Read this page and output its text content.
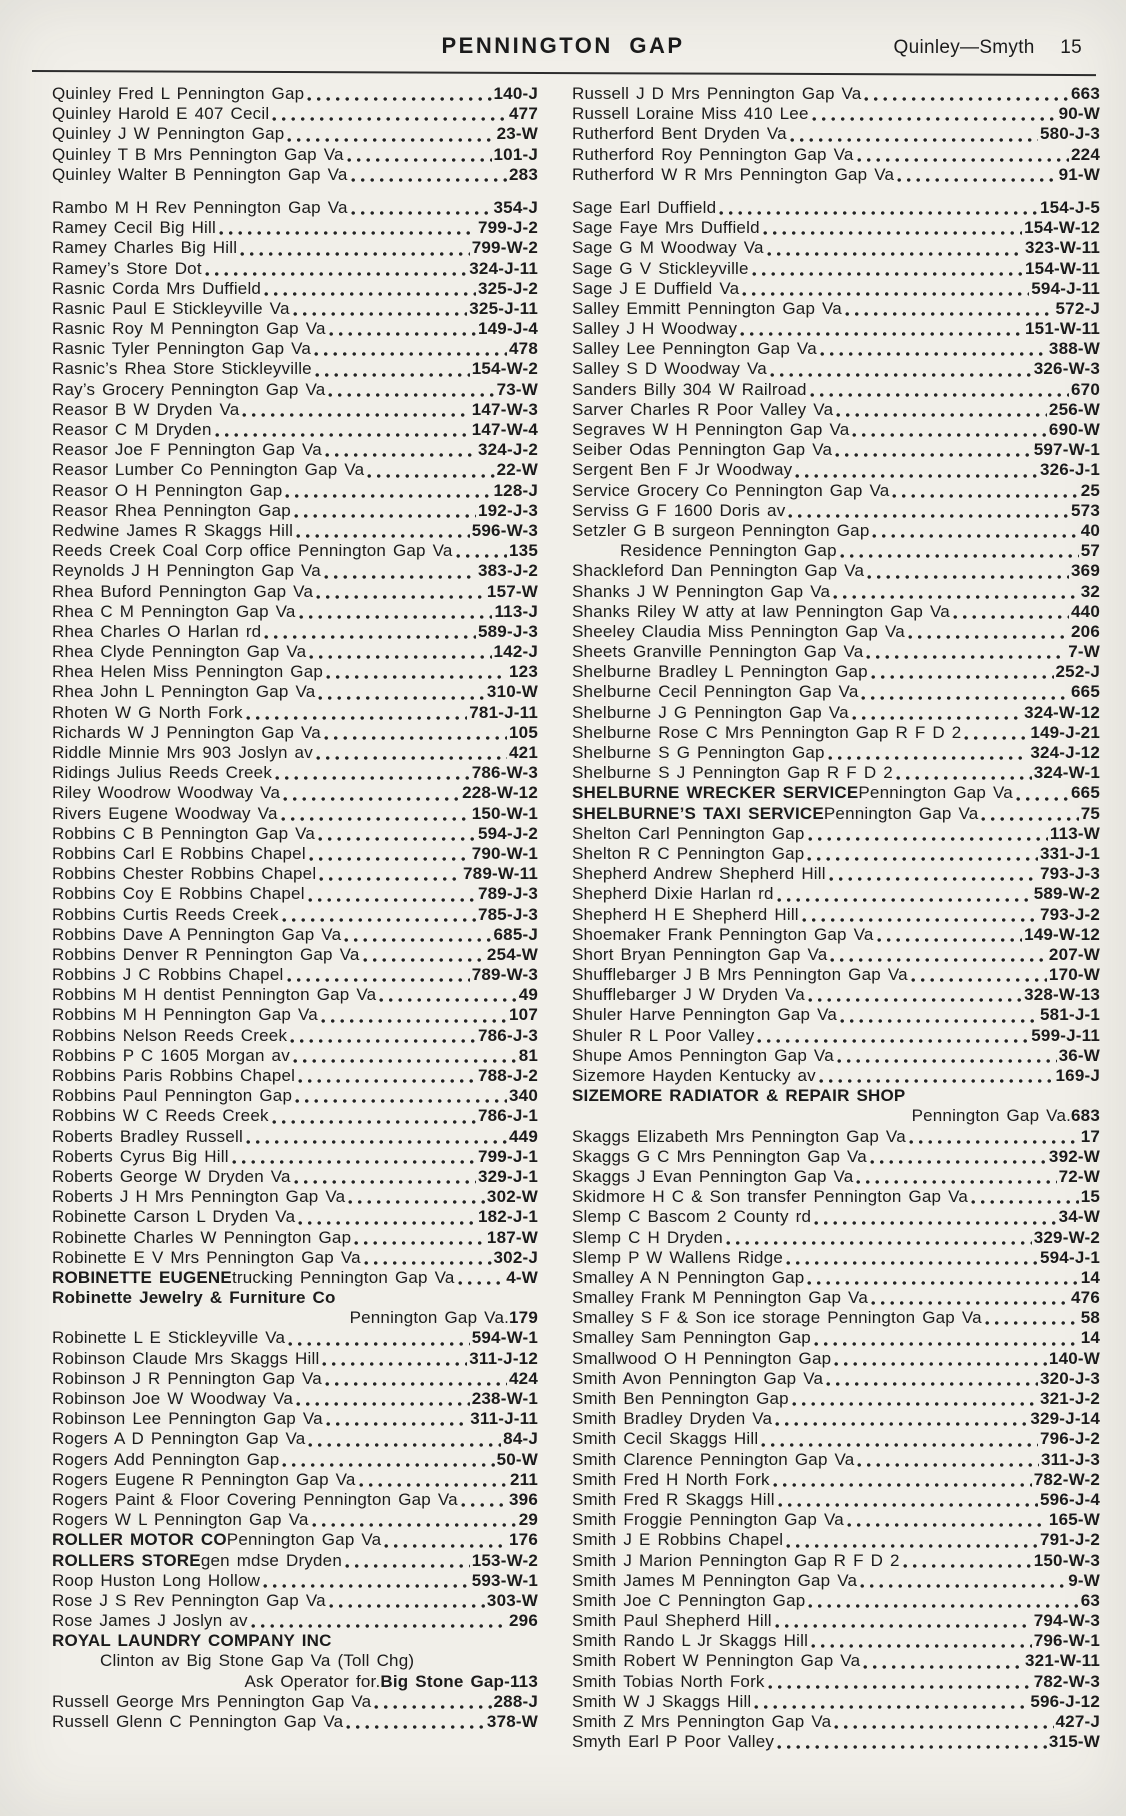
PENNINGTON GAP	Quinley—Smyth 15
Quinley Fred L Pennington Gap	140-J
Quinley Harold E 407 Cecil	477
Quinley J W Pennington Gap	23-W
Quinley T B Mrs Pennington Gap Va	101-J
Quinley Walter B Pennington Gap Va	283
Rambo M H Rev Pennington Gap Va	354-J
Ramey Cecil Big Hill	799-J-2
Ramey Charles Big Hill	799-W-2
Ramey’s Store Dot	324-J-11
Rasnic Corda Mrs Duffield	325-J-2
Rasnic Paul E Stickleyville Va	325-J-11
Rasnic Roy M Pennington Gap Va	149-J-4
Rasnic Tyler Pennington Gap Va	478
Rasnic’s Rhea Store Stickleyville	154-W-2
Ray’s Grocery Pennington Gap Va	73-W
Reasor B W Dryden Va	147-W-3
Reasor C M Dryden	147-W-4
Reasor Joe F Pennington Gap Va	324-J-2
Reasor Lumber Co Pennington Gap Va	22-W
Reasor O H Pennington Gap	128-J
Reasor Rhea Pennington Gap	192-J-3
Redwine James R Skaggs Hill	596-W-3
Reeds Creek Coal Corp office Pennington Gap Va	135
Reynolds J H Pennington Gap Va	383-J-2
Rhea Buford Pennington Gap Va	157-W
Rhea C M Pennington Gap Va	113-J
Rhea Charles O Harlan rd	589-J-3
Rhea Clyde Pennington Gap Va	142-J
Rhea Helen Miss Pennington Gap	123
Rhea John L Pennington Gap Va	310-W
Rhoten W G North Fork	781-J-11
Richards W J Pennington Gap Va	105
Riddle Minnie Mrs 903 Joslyn av	421
Ridings Julius Reeds Creek	786-W-3
Riley Woodrow Woodway Va	228-W-12
Rivers Eugene Woodway Va	150-W-1
Robbins C B Pennington Gap Va	594-J-2
Robbins Carl E Robbins Chapel	790-W-1
Robbins Chester Robbins Chapel	789-W-11
Robbins Coy E Robbins Chapel	789-J-3
Robbins Curtis Reeds Creek	785-J-3
Robbins Dave A Pennington Gap Va	685-J
Robbins Denver R Pennington Gap Va	254-W
Robbins J C Robbins Chapel	789-W-3
Robbins M H dentist Pennington Gap Va	49
Robbins M H Pennington Gap Va	107
Robbins Nelson Reeds Creek	786-J-3
Robbins P C 1605 Morgan av	81
Robbins Paris Robbins Chapel	788-J-2
Robbins Paul Pennington Gap	340
Robbins W C Reeds Creek	786-J-1
Roberts Bradley Russell	449
Roberts Cyrus Big Hill	799-J-1
Roberts George W Dryden Va	329-J-1
Roberts J H Mrs Pennington Gap Va	302-W
Robinette Carson L Dryden Va	182-J-1
Robinette Charles W Pennington Gap	187-W
Robinette E V Mrs Pennington Gap Va	302-J
ROBINETTE EUGENE trucking Pennington Gap Va	4-W
Robinette Jewelry & Furniture Co
Pennington Gap Va. 179
Robinette L E Stickleyville Va	594-W-1
Robinson Claude Mrs Skaggs Hill	311-J-12
Robinson J R Pennington Gap Va	424
Robinson Joe W Woodway Va	238-W-1
Robinson Lee Pennington Gap Va	311-J-11
Rogers A D Pennington Gap Va	84-J
Rogers Add Pennington Gap	50-W
Rogers Eugene R Pennington Gap Va	211
Rogers Paint & Floor Covering Pennington Gap Va	396
Rogers W L Pennington Gap Va	29
ROLLER MOTOR CO Pennington Gap Va	176
ROLLERS STORE gen mdse Dryden	153-W-2
Roop Huston Long Hollow	593-W-1
Rose J S Rev Pennington Gap Va	303-W
Rose James J Joslyn av	296
ROYAL LAUNDRY COMPANY INC
Clinton av Big Stone Gap Va (Toll Chg)
Ask Operator for. Big Stone Gap-113
Russell George Mrs Pennington Gap Va	288-J
Russell Glenn C Pennington Gap Va	378-W
Russell J D Mrs Pennington Gap Va	663
Russell Loraine Miss 410 Lee	90-W
Rutherford Bent Dryden Va	580-J-3
Rutherford Roy Pennington Gap Va	224
Rutherford W R Mrs Pennington Gap Va	91-W
Sage Earl Duffield	154-J-5
Sage Faye Mrs Duffield	154-W-12
Sage G M Woodway Va	323-W-11
Sage G V Stickleyville	154-W-11
Sage J E Duffield Va	594-J-11
Salley Emmitt Pennington Gap Va	572-J
Salley J H Woodway	151-W-11
Salley Lee Pennington Gap Va	388-W
Salley S D Woodway Va	326-W-3
Sanders Billy 304 W Railroad	670
Sarver Charles R Poor Valley Va	256-W
Segraves W H Pennington Gap Va	690-W
Seiber Odas Pennington Gap Va	597-W-1
Sergent Ben F Jr Woodway	326-J-1
Service Grocery Co Pennington Gap Va	25
Serviss G F 1600 Doris av	573
Setzler G B surgeon Pennington Gap	40
Residence Pennington Gap	57
Shackleford Dan Pennington Gap Va	369
Shanks J W Pennington Gap Va	32
Shanks Riley W atty at law Pennington Gap Va	440
Sheeley Claudia Miss Pennington Gap Va	206
Sheets Granville Pennington Gap Va	7-W
Shelburne Bradley L Pennington Gap	252-J
Shelburne Cecil Pennington Gap Va	665
Shelburne J G Pennington Gap Va	324-W-12
Shelburne Rose C Mrs Pennington Gap R F D 2	149-J-21
Shelburne S G Pennington Gap	324-J-12
Shelburne S J Pennington Gap R F D 2	324-W-1
SHELBURNE WRECKER SERVICE Pennington Gap Va	665
SHELBURNE’S TAXI SERVICE Pennington Gap Va	75
Shelton Carl Pennington Gap	113-W
Shelton R C Pennington Gap	331-J-1
Shepherd Andrew Shepherd Hill	793-J-3
Shepherd Dixie Harlan rd	589-W-2
Shepherd H E Shepherd Hill	793-J-2
Shoemaker Frank Pennington Gap Va	149-W-12
Short Bryan Pennington Gap Va	207-W
Shufflebarger J B Mrs Pennington Gap Va	170-W
Shufflebarger J W Dryden Va	328-W-13
Shuler Harve Pennington Gap Va	581-J-1
Shuler R L Poor Valley	599-J-11
Shupe Amos Pennington Gap Va	36-W
Sizemore Hayden Kentucky av	169-J
SIZEMORE RADIATOR & REPAIR SHOP
Pennington Gap Va. 683
Skaggs Elizabeth Mrs Pennington Gap Va	17
Skaggs G C Mrs Pennington Gap Va	392-W
Skaggs J Evan Pennington Gap Va	72-W
Skidmore H C & Son transfer Pennington Gap Va	15
Slemp C Bascom 2 County rd	34-W
Slemp C H Dryden	329-W-2
Slemp P W Wallens Ridge	594-J-1
Smalley A N Pennington Gap	14
Smalley Frank M Pennington Gap Va	476
Smalley S F & Son ice storage Pennington Gap Va	58
Smalley Sam Pennington Gap	14
Smallwood O H Pennington Gap	140-W
Smith Avon Pennington Gap Va	320-J-3
Smith Ben Pennington Gap	321-J-2
Smith Bradley Dryden Va	329-J-14
Smith Cecil Skaggs Hill	796-J-2
Smith Clarence Pennington Gap Va	311-J-3
Smith Fred H North Fork	782-W-2
Smith Fred R Skaggs Hill	596-J-4
Smith Froggie Pennington Gap Va	165-W
Smith J E Robbins Chapel	791-J-2
Smith J Marion Pennington Gap R F D 2	150-W-3
Smith James M Pennington Gap Va	9-W
Smith Joe C Pennington Gap	63
Smith Paul Shepherd Hill	794-W-3
Smith Rando L Jr Skaggs Hill	796-W-1
Smith Robert W Pennington Gap Va	321-W-11
Smith Tobias North Fork	782-W-3
Smith W J Skaggs Hill	596-J-12
Smith Z Mrs Pennington Gap Va	427-J
Smyth Earl P Poor Valley	315-W
